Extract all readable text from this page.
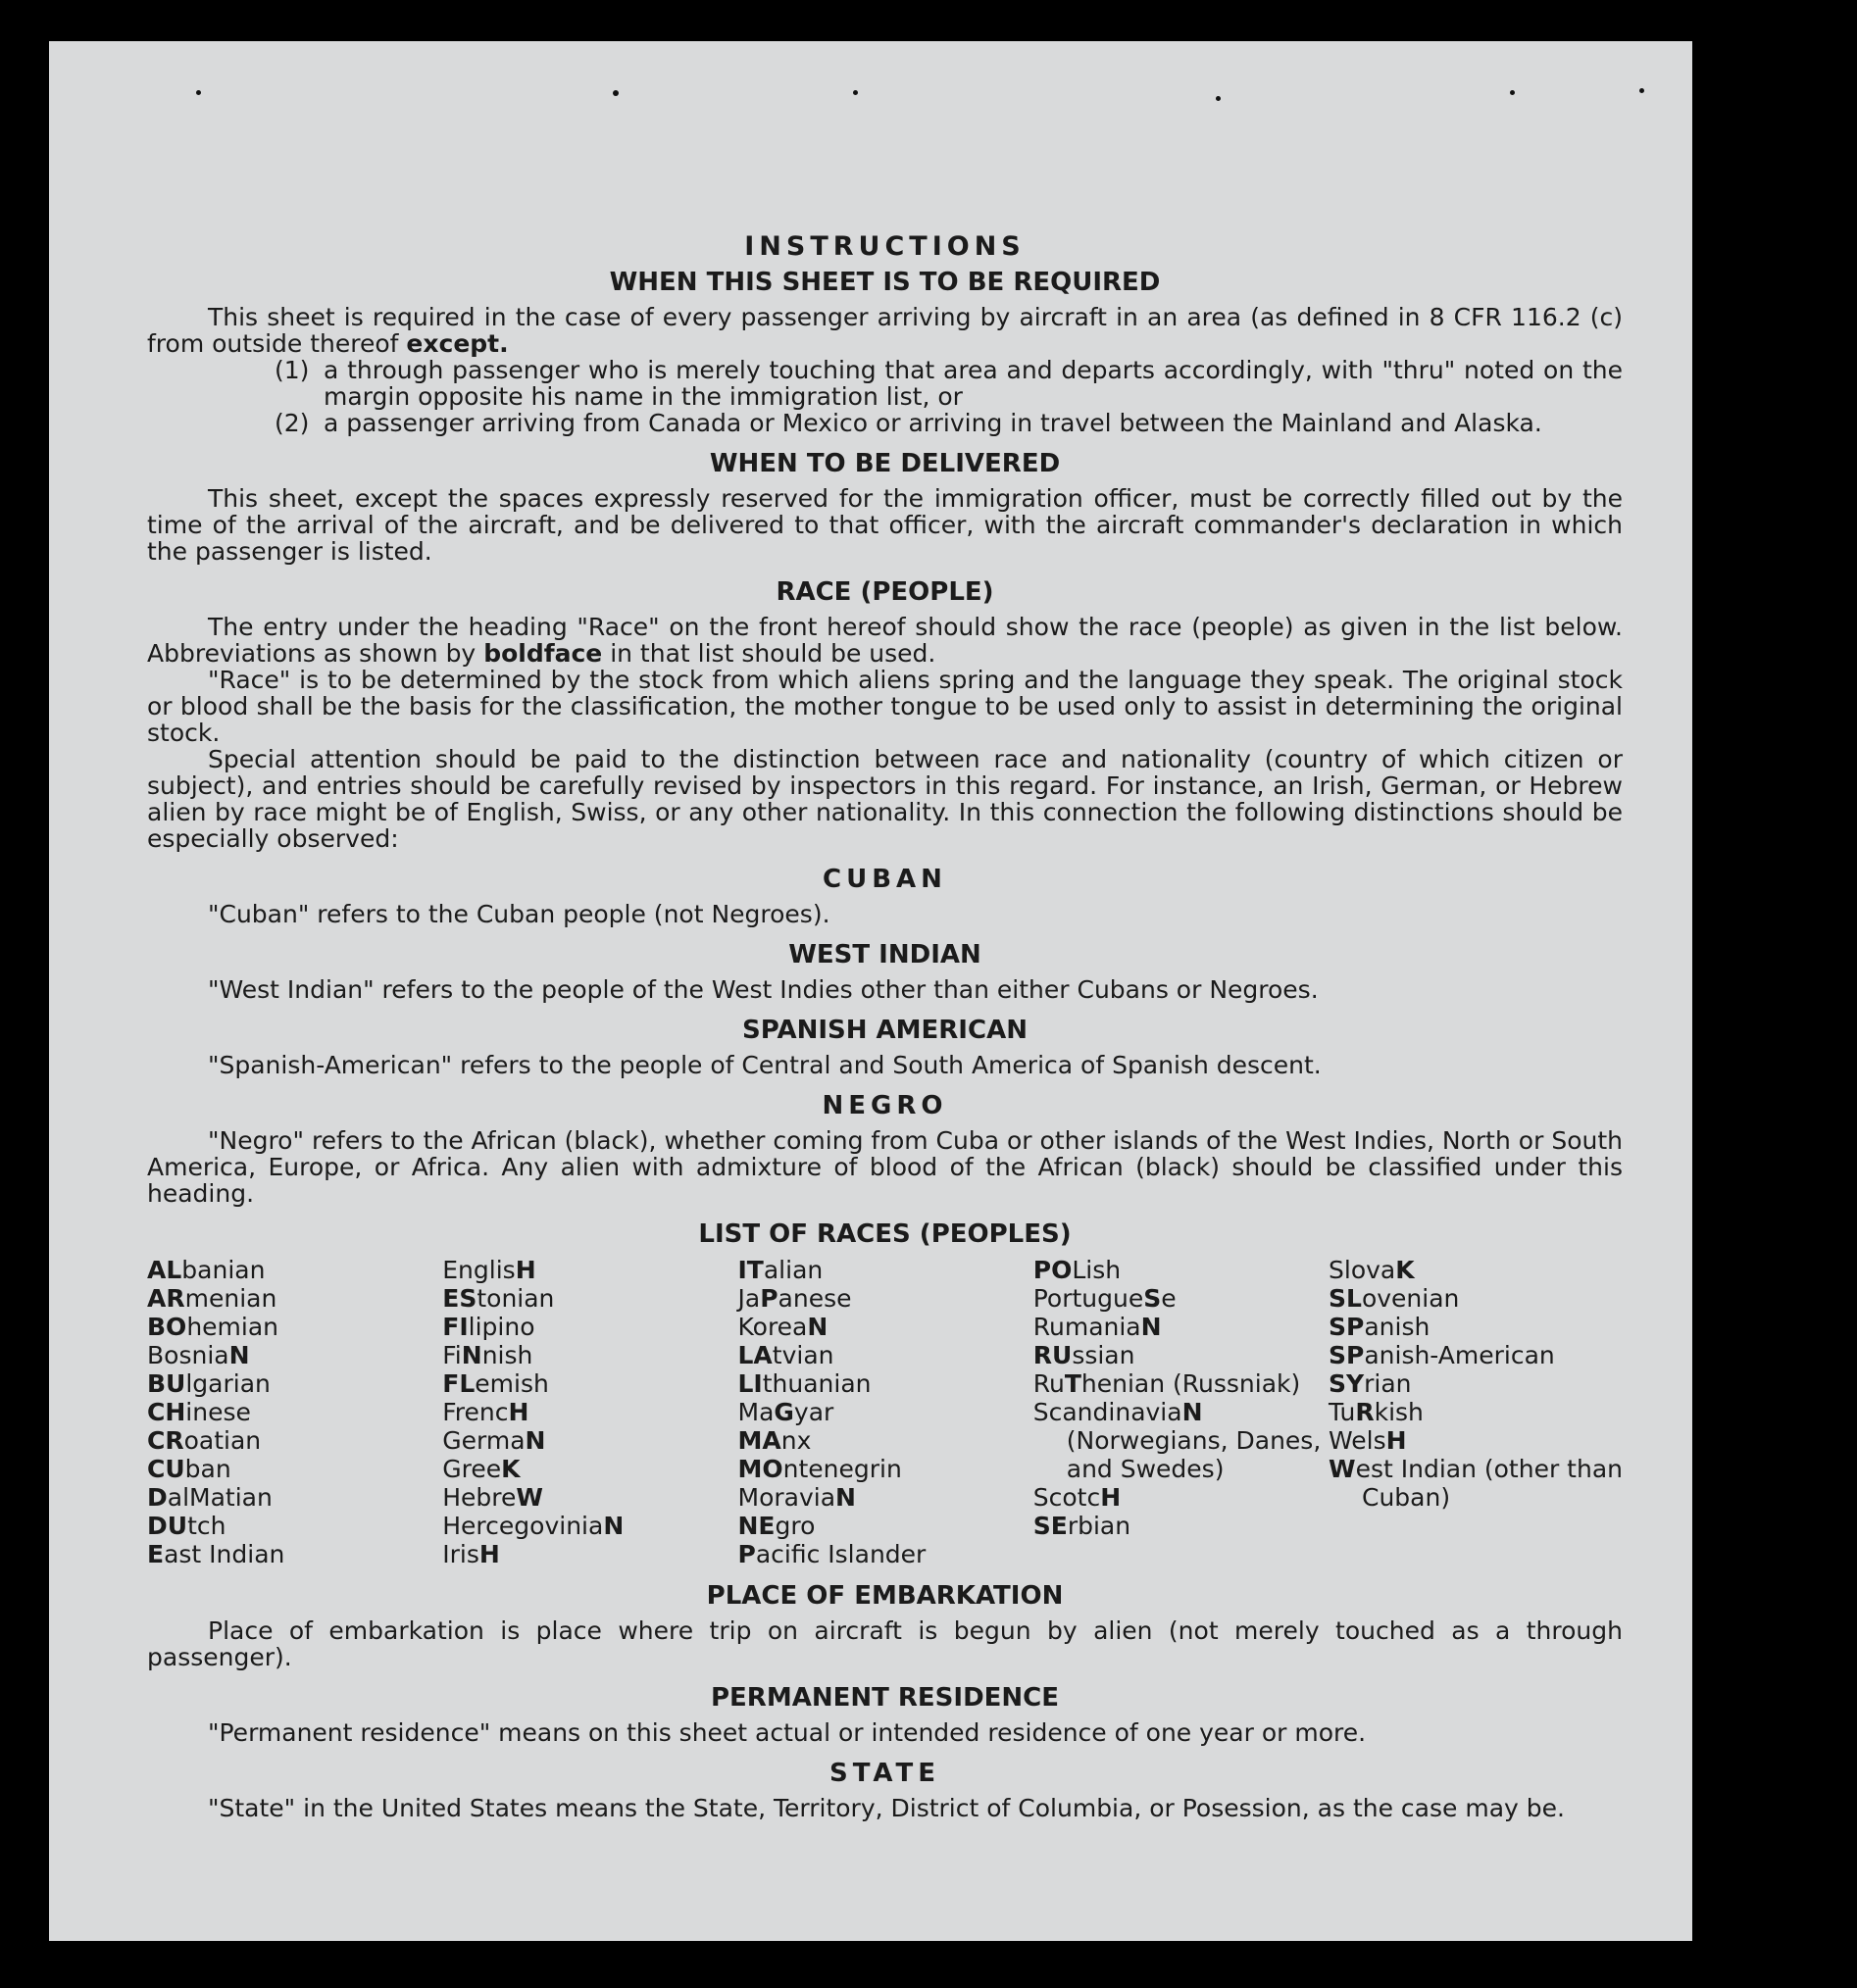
INSTRUCTIONS
WHEN THIS SHEET IS TO BE REQUIRED

This sheet is required in the case of every passenger arriving by aircraft in an area (as defined in 8 CFR 116.2 (c) from outside thereof except.

(1) a through passenger who is merely touching that area and departs accordingly, with "thru" noted on the margin opposite his name in the immigration list, or
(2) a passenger arriving from Canada or Mexico or arriving in travel between the Mainland and Alaska.
WHEN TO BE DELIVERED

This sheet, except the spaces expressly reserved for the immigration officer, must be correctly filled out by the time of the arrival of the aircraft, and be delivered to that officer, with the aircraft commander's declaration in which the passenger is listed.

RACE (PEOPLE)

The entry under the heading "Race" on the front hereof should show the race (people) as given in the list below. Abbreviations as shown by boldface in that list should be used.

"Race" is to be determined by the stock from which aliens spring and the language they speak. The original stock or blood shall be the basis for the classification, the mother tongue to be used only to assist in determining the original stock.

Special attention should be paid to the distinction between race and nationality (country of which citizen or subject), and entries should be carefully revised by inspectors in this regard. For instance, an Irish, German, or Hebrew alien by race might be of English, Swiss, or any other nationality. In this connection the following distinctions should be especially observed:

CUBAN

"Cuban" refers to the Cuban people (not Negroes).

WEST INDIAN

"West Indian" refers to the people of the West Indies other than either Cubans or Negroes.

SPANISH AMERICAN

"Spanish-American" refers to the people of Central and South America of Spanish descent.

NEGRO

"Negro" refers to the African (black), whether coming from Cuba or other islands of the West Indies, North or South America, Europe, or Africa. Any alien with admixture of blood of the African (black) should be classified under this heading.

LIST OF RACES (PEOPLES)
ALbanian
ARmenian
BOhemian
BosniaN
BUlgarian
CHinese
CRoatian
CUban
DalMatian
DUtch
East Indian
EnglisH
EStonian
FIlipino
FiNnish
FLemish
FrencH
GermaN
GreeK
HebreW
HercegoviniaN
IrisH
ITalian
JaPanese
KoreaN
LAtvian
LIthuanian
MaGyar
MAnx
MOntenegrin
MoraviaN
NEgro
Pacific Islander
POLish
PortugueSe
RumaniaN
RUssian
RuThenian (Russniak)
ScandinaviaN (Norwegians, Danes, and Swedes)
ScotcH
SErbian
SlovaK
SLovenian
SPanish
SPanish-American
SYrian
TuRkish
WelsH
West Indian (other than Cuban)
PLACE OF EMBARKATION

Place of embarkation is place where trip on aircraft is begun by alien (not merely touched as a through passenger).

PERMANENT RESIDENCE

"Permanent residence" means on this sheet actual or intended residence of one year or more.

STATE

"State" in the United States means the State, Territory, District of Columbia, or Posession, as the case may be.
